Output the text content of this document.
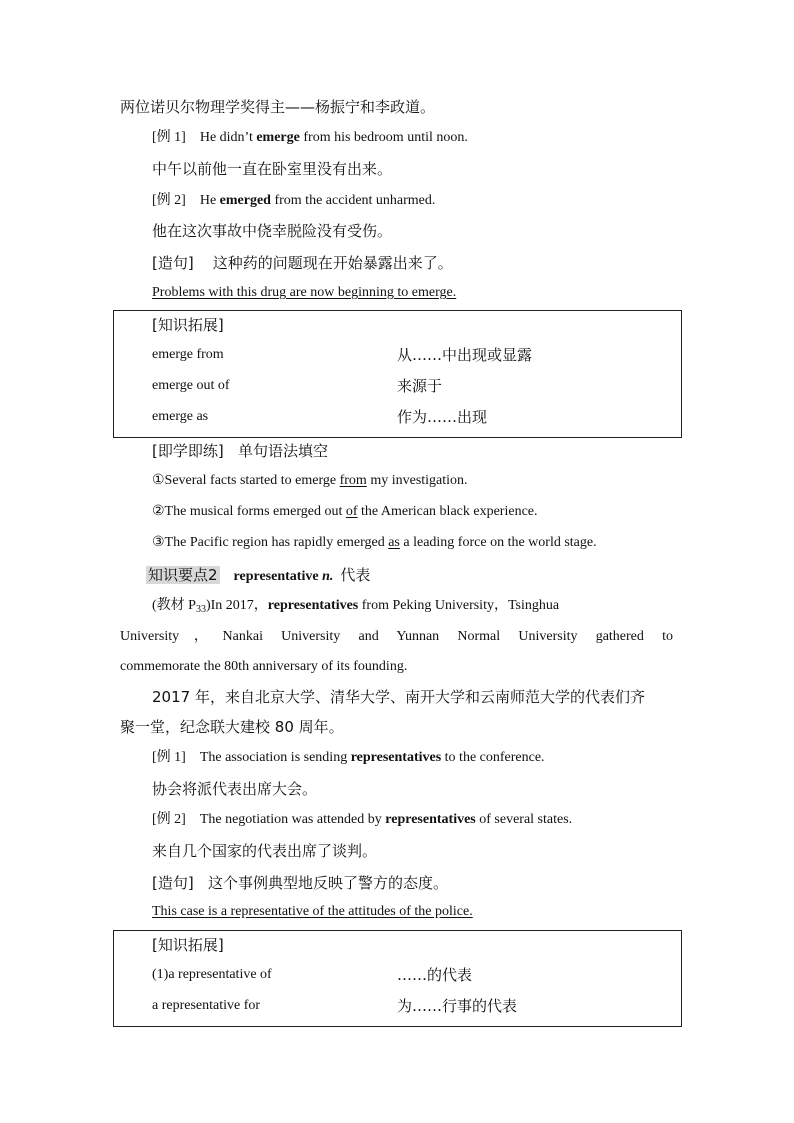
两位诺贝尔物理学奖得主——杨振宁和李政道。
[例 1] He didn’t emerge from his bedroom until noon.
中午以前他一直在卧室里没有出来。
[例 2] He emerged from the accident unharmed.
他在这次事故中侥幸脱险没有受伤。
[造句] 这种药的问题现在开始暴露出来了。
Problems with this drug are now beginning to emerge.
[知识拓展]
emerge from	从……中出现或显露
emerge out of	来源于
emerge as	作为……出现
[即学即练] 单句语法填空
①Several facts started to emerge from my investigation.
②The musical forms emerged out of the American black experience.
③The Pacific region has rapidly emerged as a leading force on the world stage.
知识要点2 representative n. 代表
(教材 $P_{33})In$ 2017，representatives from Peking University，Tsinghua
University，Nankai University and Yunnan Normal University gathered to
commemorate the 80th anniversary of its founding.
2017 年，来自北京大学、清华大学、南开大学和云南师范大学的代表们齐
聚一堂，纪念联大建校 80 周年。
[例 1] The association is sending representatives to the conference.
协会将派代表出席大会。
[例 2] The negotiation was attended by representatives of several states.
来自几个国家的代表出席了谈判。
[造句] 这个事例典型地反映了警方的态度。
This case is a representative of the attitudes of the police.
[知识拓展]
(1)a representative of	……的代表
a representative for	为……行事的代表
